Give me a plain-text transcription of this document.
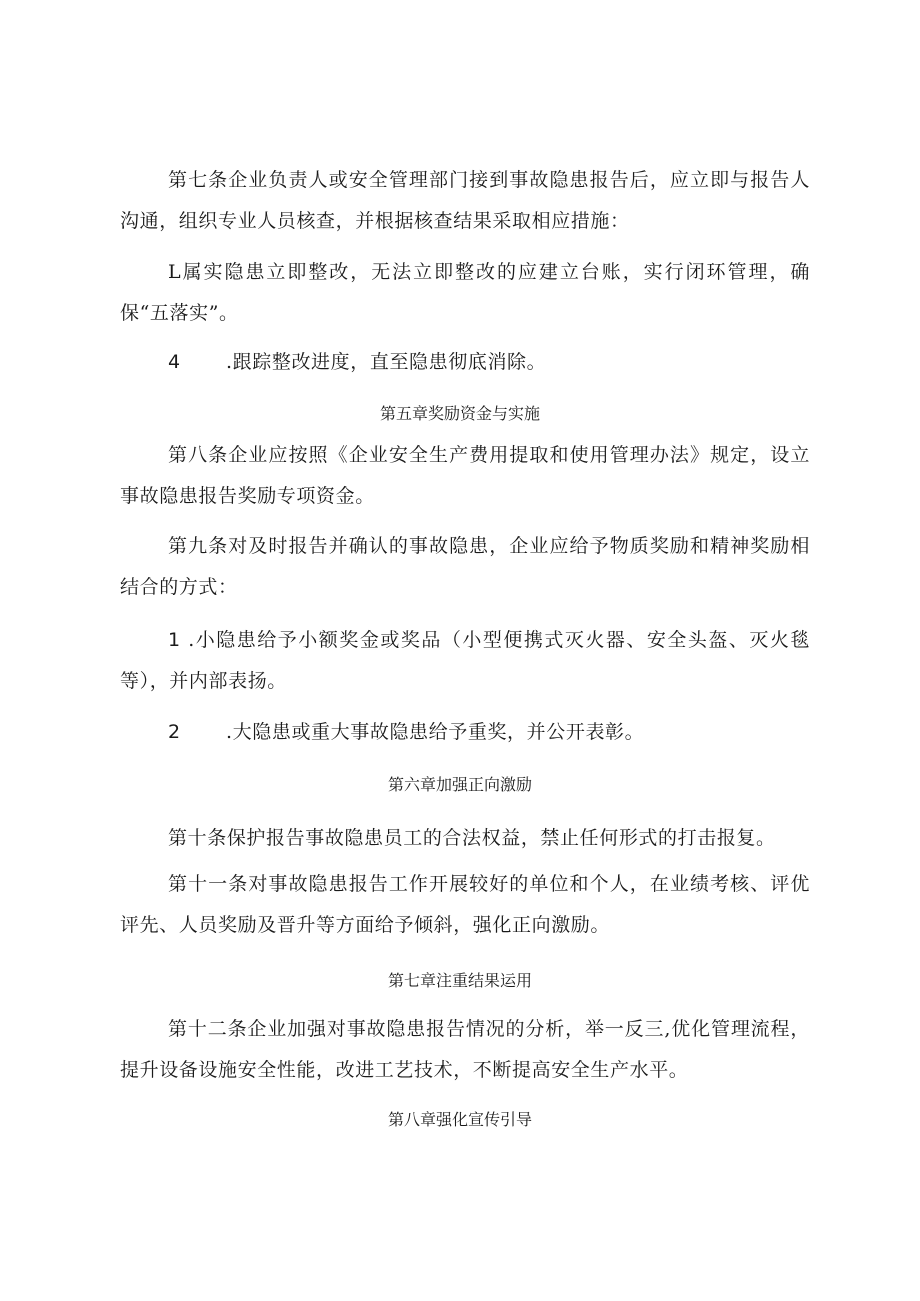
第七条企业负责人或安全管理部门接到事故隐患报告后，应立即与报告人沟通，组织专业人员核查，并根据核查结果采取相应措施：

L属实隐患立即整改，无法立即整改的应建立台账，实行闭环管理，确保“五落实”。

4 .跟踪整改进度，直至隐患彻底消除。

第五章奖励资金与实施

第八条企业应按照《企业安全生产费用提取和使用管理办法》规定，设立事故隐患报告奖励专项资金。

第九条对及时报告并确认的事故隐患，企业应给予物质奖励和精神奖励相结合的方式：

1 .小隐患给予小额奖金或奖品（小型便携式灭火器、安全头盔、灭火毯等），并内部表扬。

2 .大隐患或重大事故隐患给予重奖，并公开表彰。

第六章加强正向激励

第十条保护报告事故隐患员工的合法权益，禁止任何形式的打击报复。

第十一条对事故隐患报告工作开展较好的单位和个人，在业绩考核、评优评先、人员奖励及晋升等方面给予倾斜，强化正向激励。

第七章注重结果运用

第十二条企业加强对事故隐患报告情况的分析，举一反三,优化管理流程，提升设备设施安全性能，改进工艺技术，不断提高安全生产水平。

第八章强化宣传引导
